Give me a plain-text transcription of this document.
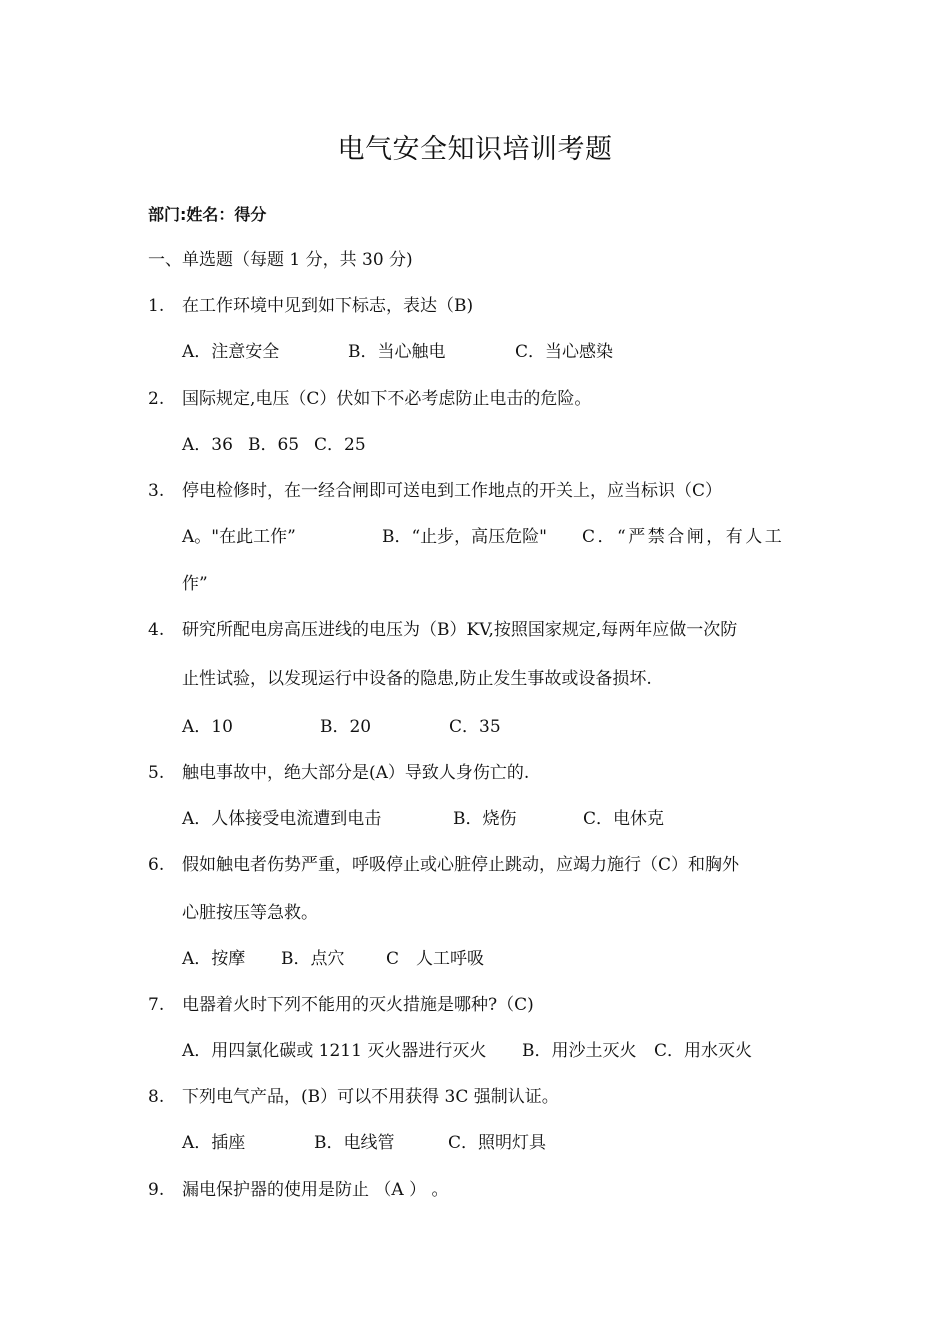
电气安全知识培训考题
部门:姓名：得分
一、单选题（每题 1 分，共 30 分)
1. 在工作环境中见到如下标志，表达（B)
A．注意安全	B．当心触电	C．当心感染
2. 国际规定,电压（C）伏如下不必考虑防止电击的危险。
A．36 B．65 C．25
3. 停电检修时，在一经合闸即可送电到工作地点的开关上，应当标识（C）
A。"在此工作”	B．“止步，高压危险" C．“严禁合闸，有人工
作”
4. 研究所配电房高压进线的电压为（B）KV,按照国家规定,每两年应做一次防
止性试验，以发现运行中设备的隐患,防止发生事故或设备损坏.
A．10	B．20	C．35
5. 触电事故中，绝大部分是(A）导致人身伤亡的.
A．人体接受电流遭到电击	B．烧伤	C．电休克
6. 假如触电者伤势严重，呼吸停止或心脏停止跳动，应竭力施行（C）和胸外
心脏按压等急救。
A．按摩 B．点穴 C　人工呼吸
7. 电器着火时下列不能用的灭火措施是哪种?（C)
A．用四氯化碳或 1211 灭火器进行灭火 B．用沙土灭火 C．用水灭火
8. 下列电气产品，(B）可以不用获得 3C 强制认证。
A．插座	B．电线管	C．照明灯具
9. 漏电保护器的使用是防止 （A ） 。
